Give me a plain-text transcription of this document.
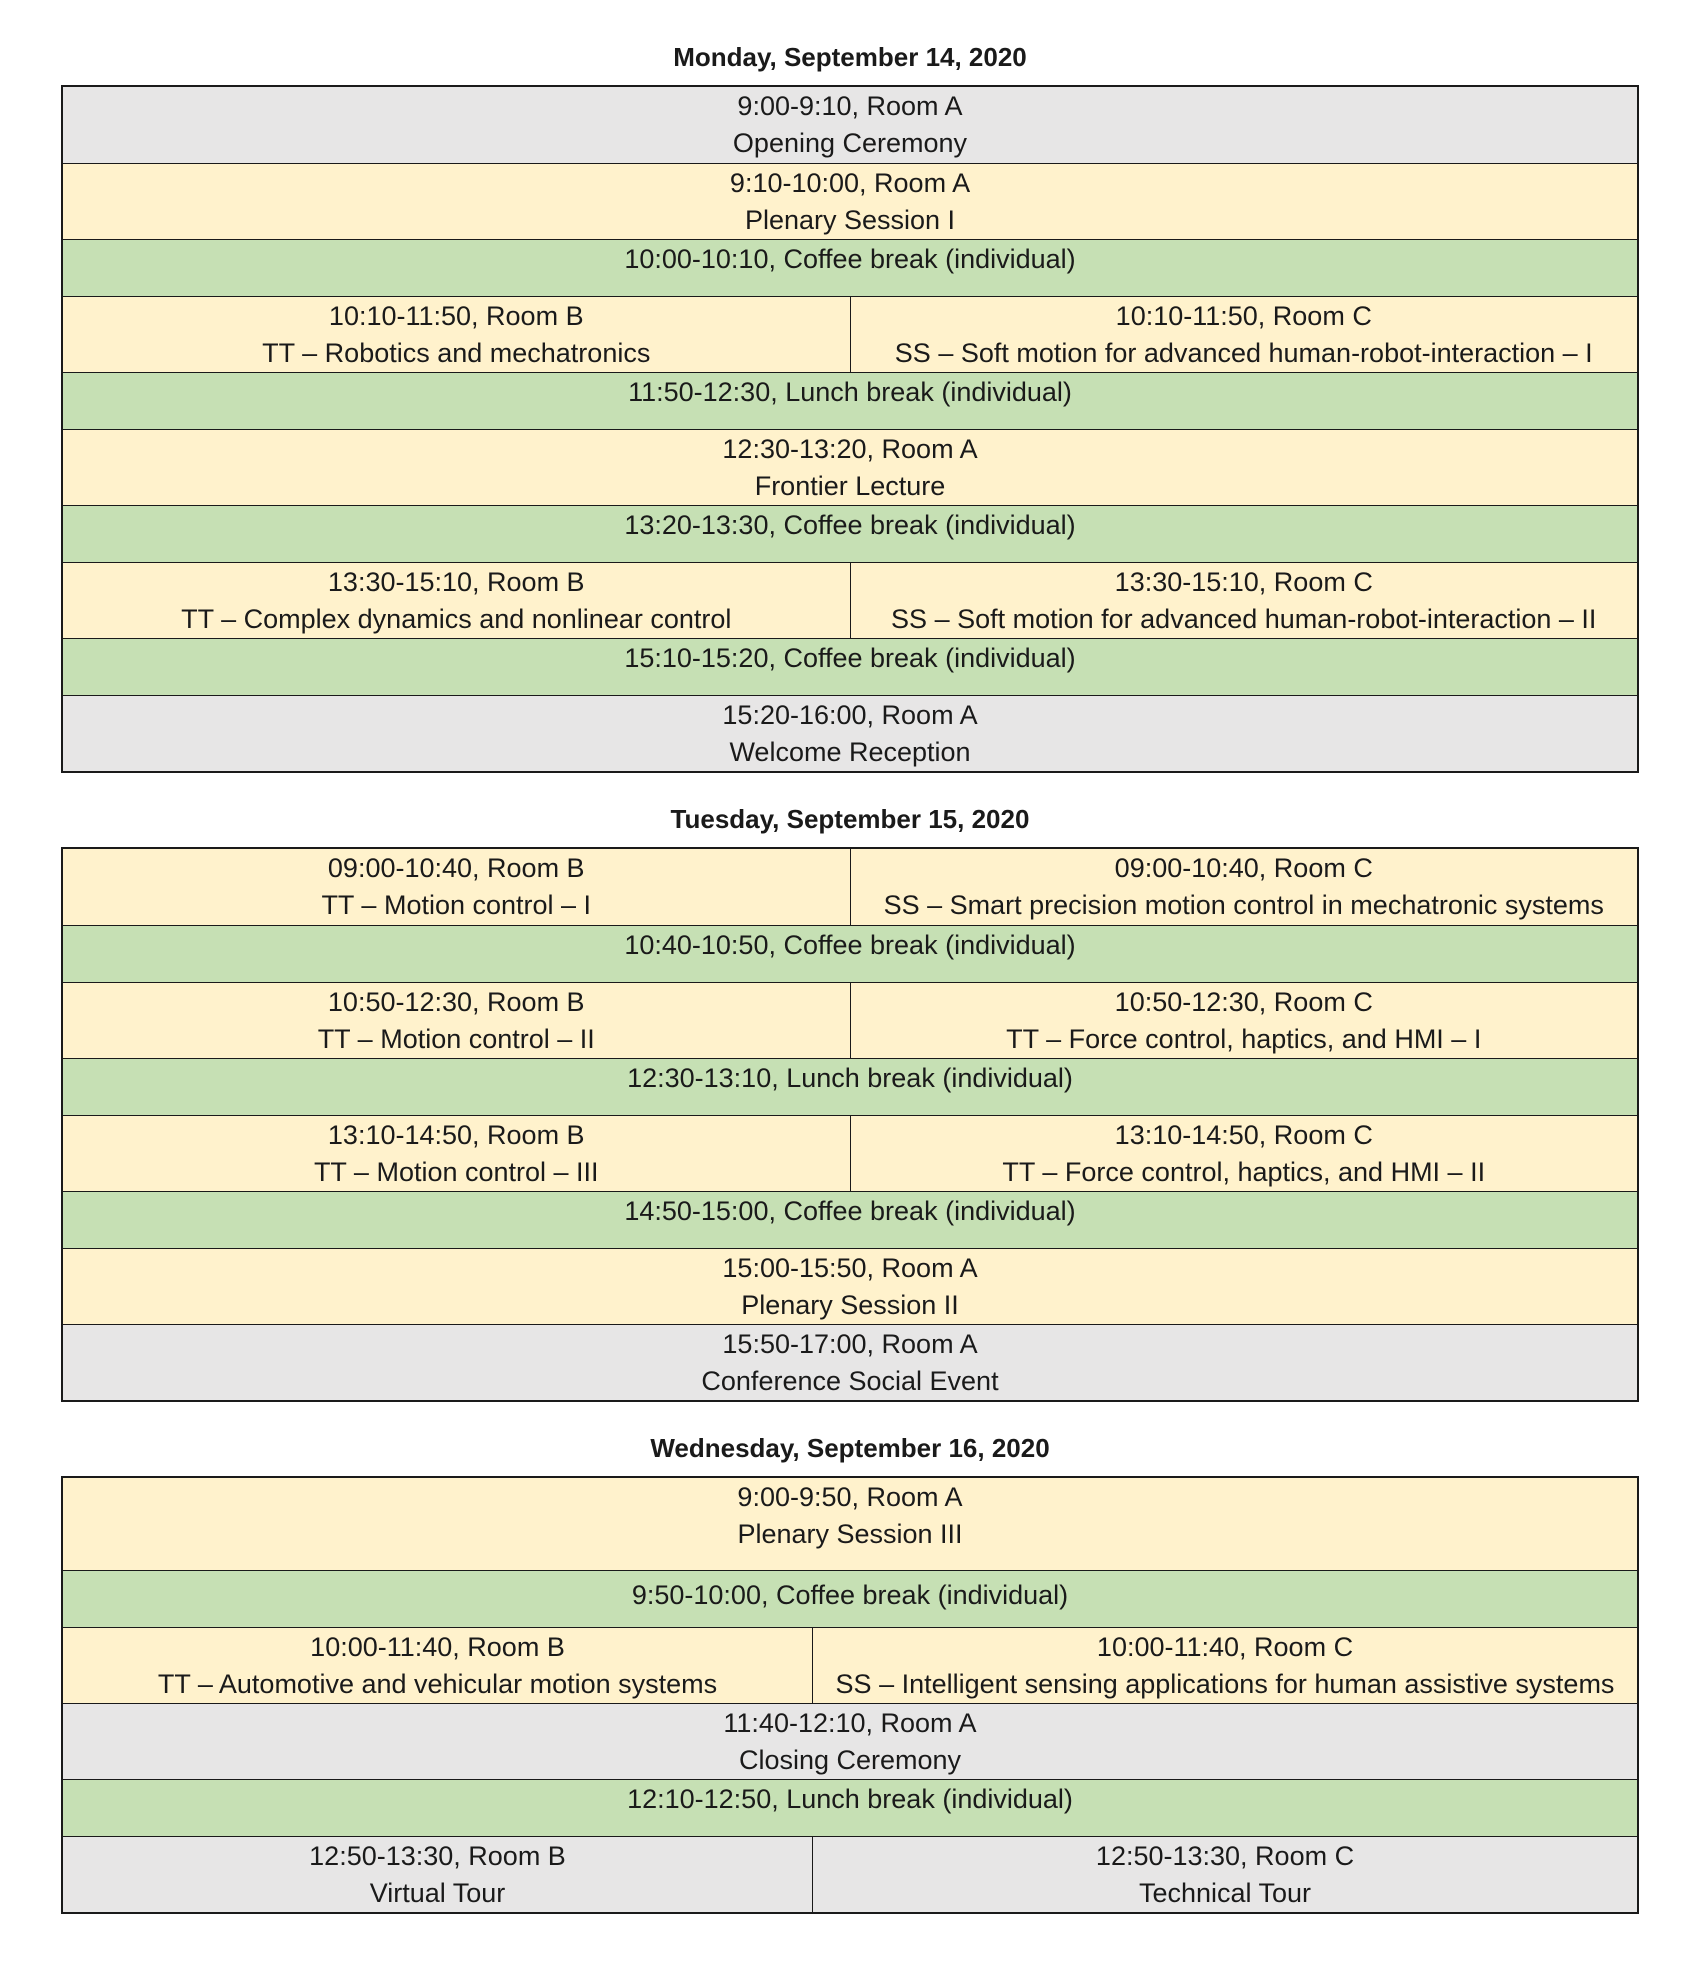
Monday, September 14, 2020
9:00-9:10, Room A
Opening Ceremony
9:10-10:00, Room A
Plenary Session I
10:00-10:10, Coffee break (individual)
10:10-11:50, Room B
TT – Robotics and mechatronics
10:10-11:50, Room C
SS – Soft motion for advanced human-robot-interaction – I
11:50-12:30, Lunch break (individual)
12:30-13:20, Room A
Frontier Lecture
13:20-13:30, Coffee break (individual)
13:30-15:10, Room B
TT – Complex dynamics and nonlinear control
13:30-15:10, Room C
SS – Soft motion for advanced human-robot-interaction – II
15:10-15:20, Coffee break (individual)
15:20-16:00, Room A
Welcome Reception
Tuesday, September 15, 2020
09:00-10:40, Room B
TT – Motion control – I
09:00-10:40, Room C
SS – Smart precision motion control in mechatronic systems
10:40-10:50, Coffee break (individual)
10:50-12:30, Room B
TT – Motion control – II
10:50-12:30, Room C
TT – Force control, haptics, and HMI – I
12:30-13:10, Lunch break (individual)
13:10-14:50, Room B
TT – Motion control – III
13:10-14:50, Room C
TT – Force control, haptics, and HMI – II
14:50-15:00, Coffee break (individual)
15:00-15:50, Room A
Plenary Session II
15:50-17:00, Room A
Conference Social Event
Wednesday, September 16, 2020
9:00-9:50, Room A
Plenary Session III
9:50-10:00, Coffee break (individual)
10:00-11:40, Room B
TT – Automotive and vehicular motion systems
10:00-11:40, Room C
SS – Intelligent sensing applications for human assistive systems
11:40-12:10, Room A
Closing Ceremony
12:10-12:50, Lunch break (individual)
12:50-13:30, Room B
Virtual Tour
12:50-13:30, Room C
Technical Tour
